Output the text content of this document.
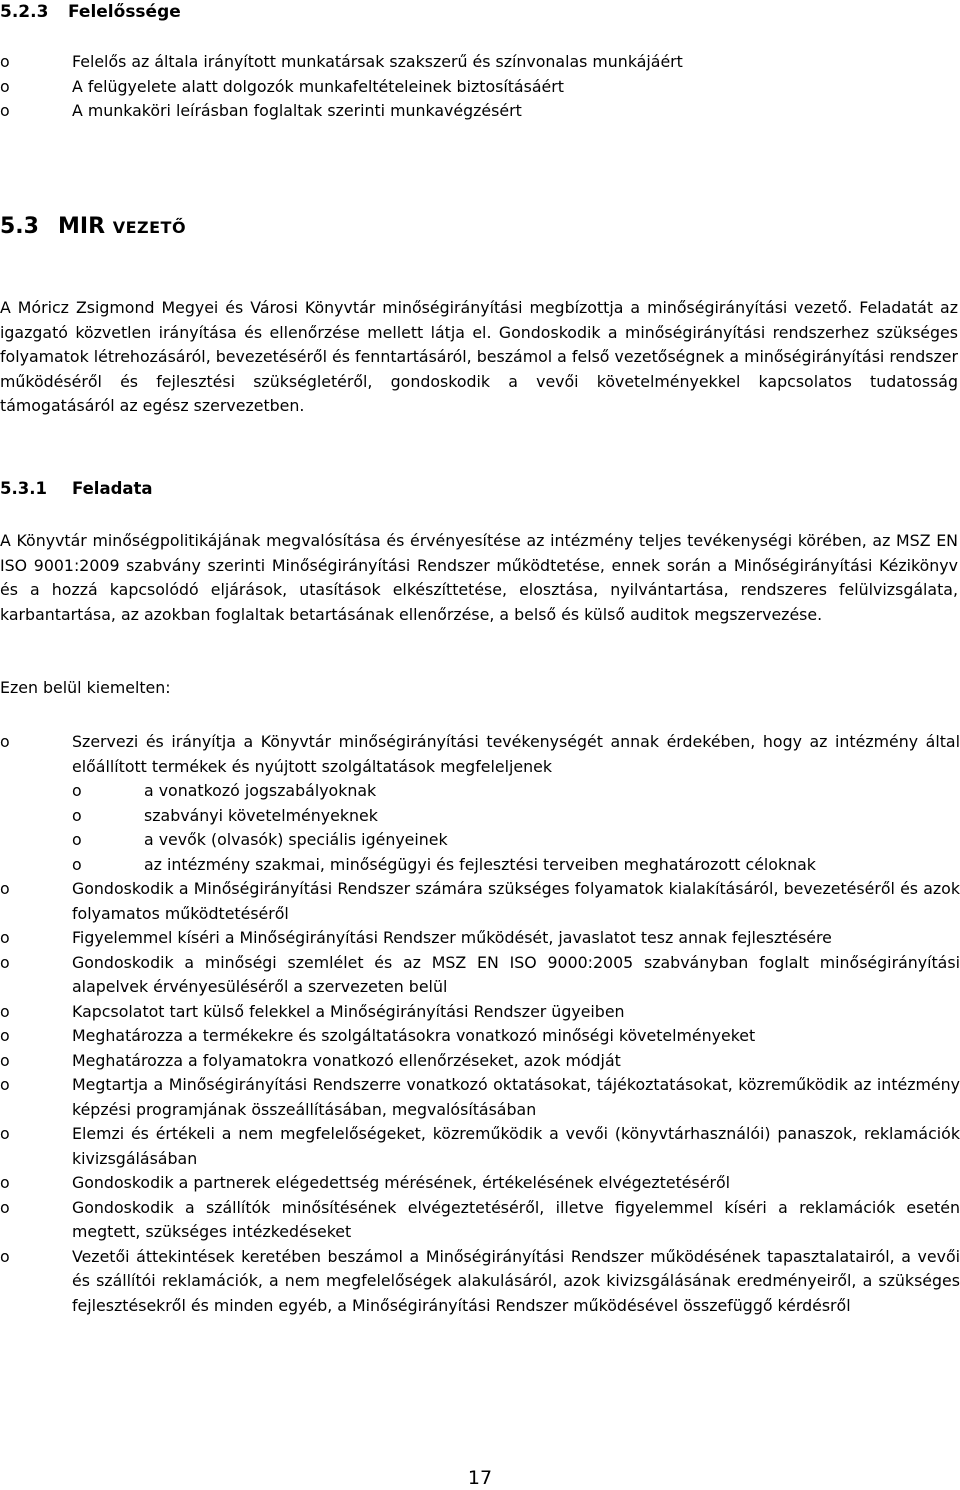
5.2.3 Felelőssége
o	Felelős az általa irányított munkatársak szakszerű és színvonalas munkájáért
o	A felügyelete alatt dolgozók munkafeltételeinek biztosításáért
o	A munkaköri leírásban foglaltak szerinti munkavégzésért
5.3 MIR VEZETŐ

A Móricz Zsigmond Megyei és Városi Könyvtár minőségirányítási megbízottja a minőségirányítási vezető. Feladatát az igazgató közvetlen irányítása és ellenőrzése mellett látja el. Gondoskodik a minőségirányítási rendszerhez szükséges folyamatok létrehozásáról, bevezetéséről és fenntartásáról, beszámol a felső vezetőségnek a minőségirányítási rendszer működéséről és fejlesztési szükségletéről, gondoskodik a vevői követelményekkel kapcsolatos tudatosság támogatásáról az egész szervezetben.

5.3.1 Feladata

A Könyvtár minőségpolitikájának megvalósítása és érvényesítése az intézmény teljes tevékenységi körében, az MSZ EN ISO 9001:2009 szabvány szerinti Minőségirányítási Rendszer működtetése, ennek során a Minőségirányítási Kézikönyv és a hozzá kapcsolódó eljárások, utasítások elkészíttetése, elosztása, nyilvántartása, rendszeres felülvizsgálata, karbantartása, az azokban foglaltak betartásának ellenőrzése, a belső és külső auditok megszervezése.

Ezen belül kiemelten:

o	Szervezi és irányítja a Könyvtár minőségirányítási tevékenységét annak érdekében, hogy az intézmény által előállított termékek és nyújtott szolgáltatások megfeleljenek
o	a vonatkozó jogszabályoknak
o	szabványi követelményeknek
o	a vevők (olvasók) speciális igényeinek
o	az intézmény szakmai, minőségügyi és fejlesztési terveiben meghatározott céloknak
o	Gondoskodik a Minőségirányítási Rendszer számára szükséges folyamatok kialakításáról, bevezetéséről és azok folyamatos működtetéséről
o	Figyelemmel kíséri a Minőségirányítási Rendszer működését, javaslatot tesz annak fejlesztésére
o	Gondoskodik a minőségi szemlélet és az MSZ EN ISO 9000:2005 szabványban foglalt minőségirányítási alapelvek érvényesüléséről a szervezeten belül
o	Kapcsolatot tart külső felekkel a Minőségirányítási Rendszer ügyeiben
o	Meghatározza a termékekre és szolgáltatásokra vonatkozó minőségi követelményeket
o	Meghatározza a folyamatokra vonatkozó ellenőrzéseket, azok módját
o	Megtartja a Minőségirányítási Rendszerre vonatkozó oktatásokat, tájékoztatásokat, közreműködik az intézmény képzési programjának összeállításában, megvalósításában
o	Elemzi és értékeli a nem megfelelőségeket, közreműködik a vevői (könyvtárhasználói) panaszok, reklamációk kivizsgálásában
o	Gondoskodik a partnerek elégedettség mérésének, értékelésének elvégeztetéséről
o	Gondoskodik a szállítók minősítésének elvégeztetéséről, illetve figyelemmel kíséri a reklamációk esetén megtett, szükséges intézkedéseket
o	Vezetői áttekintések keretében beszámol a Minőségirányítási Rendszer működésének tapasztalatairól, a vevői és szállítói reklamációk, a nem megfelelőségek alakulásáról, azok kivizsgálásának eredményeiről, a szükséges fejlesztésekről és minden egyéb, a Minőségirányítási Rendszer működésével összefüggő kérdésről
17
